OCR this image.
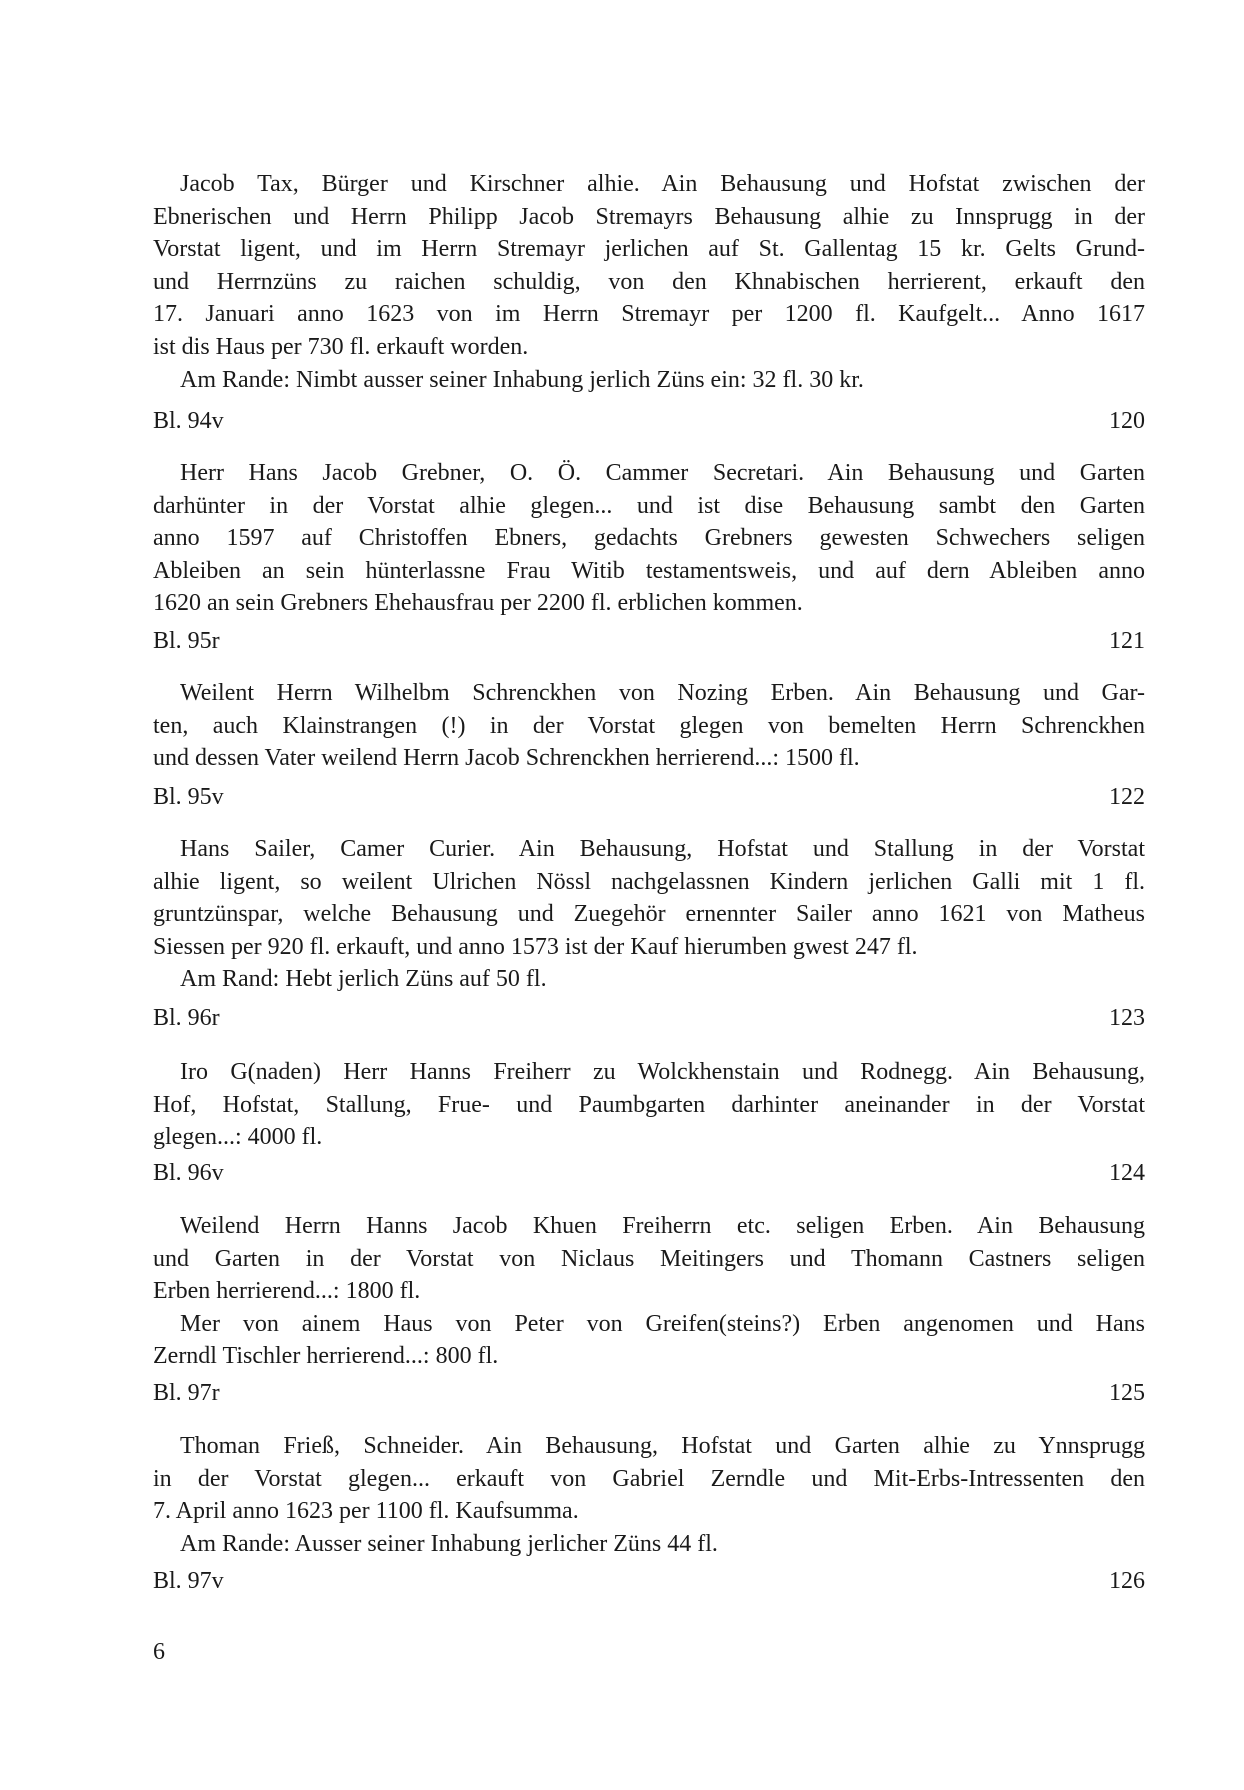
Jacob Tax, Bürger und Kirschner alhie. Ain Behausung und Hofstat zwischen der
Ebnerischen und Herrn Philipp Jacob Stremayrs Behausung alhie zu Innsprugg in der
Vorstat ligent, und im Herrn Stremayr jerlichen auf St. Gallentag 15 kr. Gelts Grund-
und Herrnzüns zu raichen schuldig, von den Khnabischen herrierent, erkauft den
17. Januari anno 1623 von im Herrn Stremayr per 1200 fl. Kaufgelt... Anno 1617
ist dis Haus per 730 fl. erkauft worden.
Am Rande: Nimbt ausser seiner Inhabung jerlich Züns ein: 32 fl. 30 kr.
Bl. 94v	120
Herr Hans Jacob Grebner, O. Ö. Cammer Secretari. Ain Behausung und Garten
darhünter in der Vorstat alhie glegen... und ist dise Behausung sambt den Garten
anno 1597 auf Christoffen Ebners, gedachts Grebners gewesten Schwechers seligen
Ableiben an sein hünterlassne Frau Witib testamentsweis, und auf dern Ableiben anno
1620 an sein Grebners Ehehausfrau per 2200 fl. erblichen kommen.
Bl. 95r	121
Weilent Herrn Wilhelbm Schrenckhen von Nozing Erben. Ain Behausung und Gar-
ten, auch Klainstrangen (!) in der Vorstat glegen von bemelten Herrn Schrenckhen
und dessen Vater weilend Herrn Jacob Schrenckhen herrierend...: 1500 fl.
Bl. 95v	122
Hans Sailer, Camer Curier. Ain Behausung, Hofstat und Stallung in der Vorstat
alhie ligent, so weilent Ulrichen Nössl nachgelassnen Kindern jerlichen Galli mit 1 fl.
gruntzünspar, welche Behausung und Zuegehör ernennter Sailer anno 1621 von Matheus
Siessen per 920 fl. erkauft, und anno 1573 ist der Kauf hierumben gwest 247 fl.
Am Rand: Hebt jerlich Züns auf 50 fl.
Bl. 96r	123
Iro G(naden) Herr Hanns Freiherr zu Wolckhenstain und Rodnegg. Ain Behausung,
Hof, Hofstat, Stallung, Frue- und Paumbgarten darhinter aneinander in der Vorstat
glegen...: 4000 fl.
Bl. 96v	124
Weilend Herrn Hanns Jacob Khuen Freiherrn etc. seligen Erben. Ain Behausung
und Garten in der Vorstat von Niclaus Meitingers und Thomann Castners seligen
Erben herrierend...: 1800 fl.
Mer von ainem Haus von Peter von Greifen(steins?) Erben angenomen und Hans
Zerndl Tischler herrierend...: 800 fl.
Bl. 97r	125
Thoman Frieß, Schneider. Ain Behausung, Hofstat und Garten alhie zu Ynnsprugg
in der Vorstat glegen... erkauft von Gabriel Zerndle und Mit-Erbs-Intressenten den
7. April anno 1623 per 1100 fl. Kaufsumma.
Am Rande: Ausser seiner Inhabung jerlicher Züns 44 fl.
Bl. 97v	126
6
